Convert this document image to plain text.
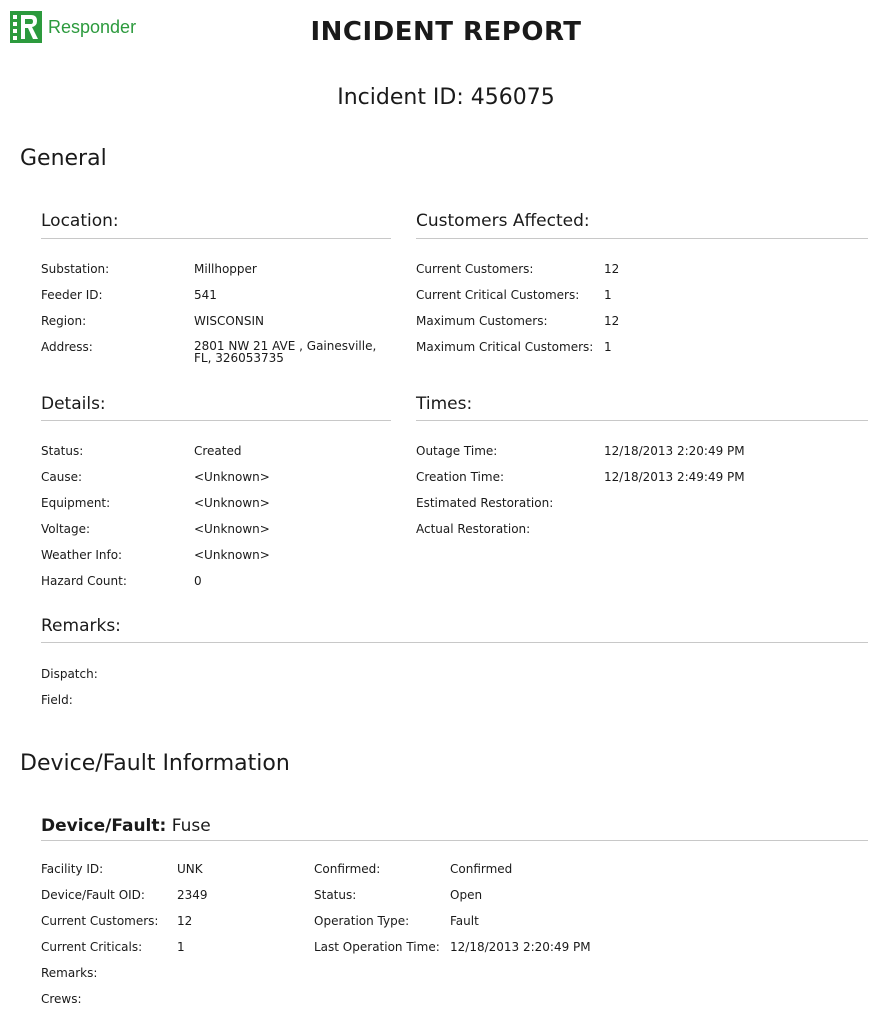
Responder	INCIDENT REPORT
Incident ID: 456075
General
Location:
Substation:	Millhopper
Feeder ID:	541
Region:	WISCONSIN
Address:	2801 NW 21 AVE , Gainesville, FL, 326053735
Customers Affected:
Current Customers:	12
Current Critical Customers: 1
Maximum Customers:	12
Maximum Critical Customers: 1
Details:
Status:	Created
Cause:	<Unknown>
Equipment:	<Unknown>
Voltage:	<Unknown>
Weather Info:	<Unknown>
Hazard Count:	0
Times:
Outage Time:	12/18/2013 2:20:49 PM
Creation Time:	12/18/2013 2:49:49 PM
Estimated Restoration:
Actual Restoration:
Remarks:
Dispatch:
Field:
Device/Fault Information
Device/Fault: Fuse
Facility ID:	UNK
Device/Fault OID:	2349
Current Customers: 12
Current Criticals:	1
Remarks:
Crews:
Confirmed:	Confirmed
Status:	Open
Operation Type:	Fault
Last Operation Time: 12/18/2013 2:20:49 PM
